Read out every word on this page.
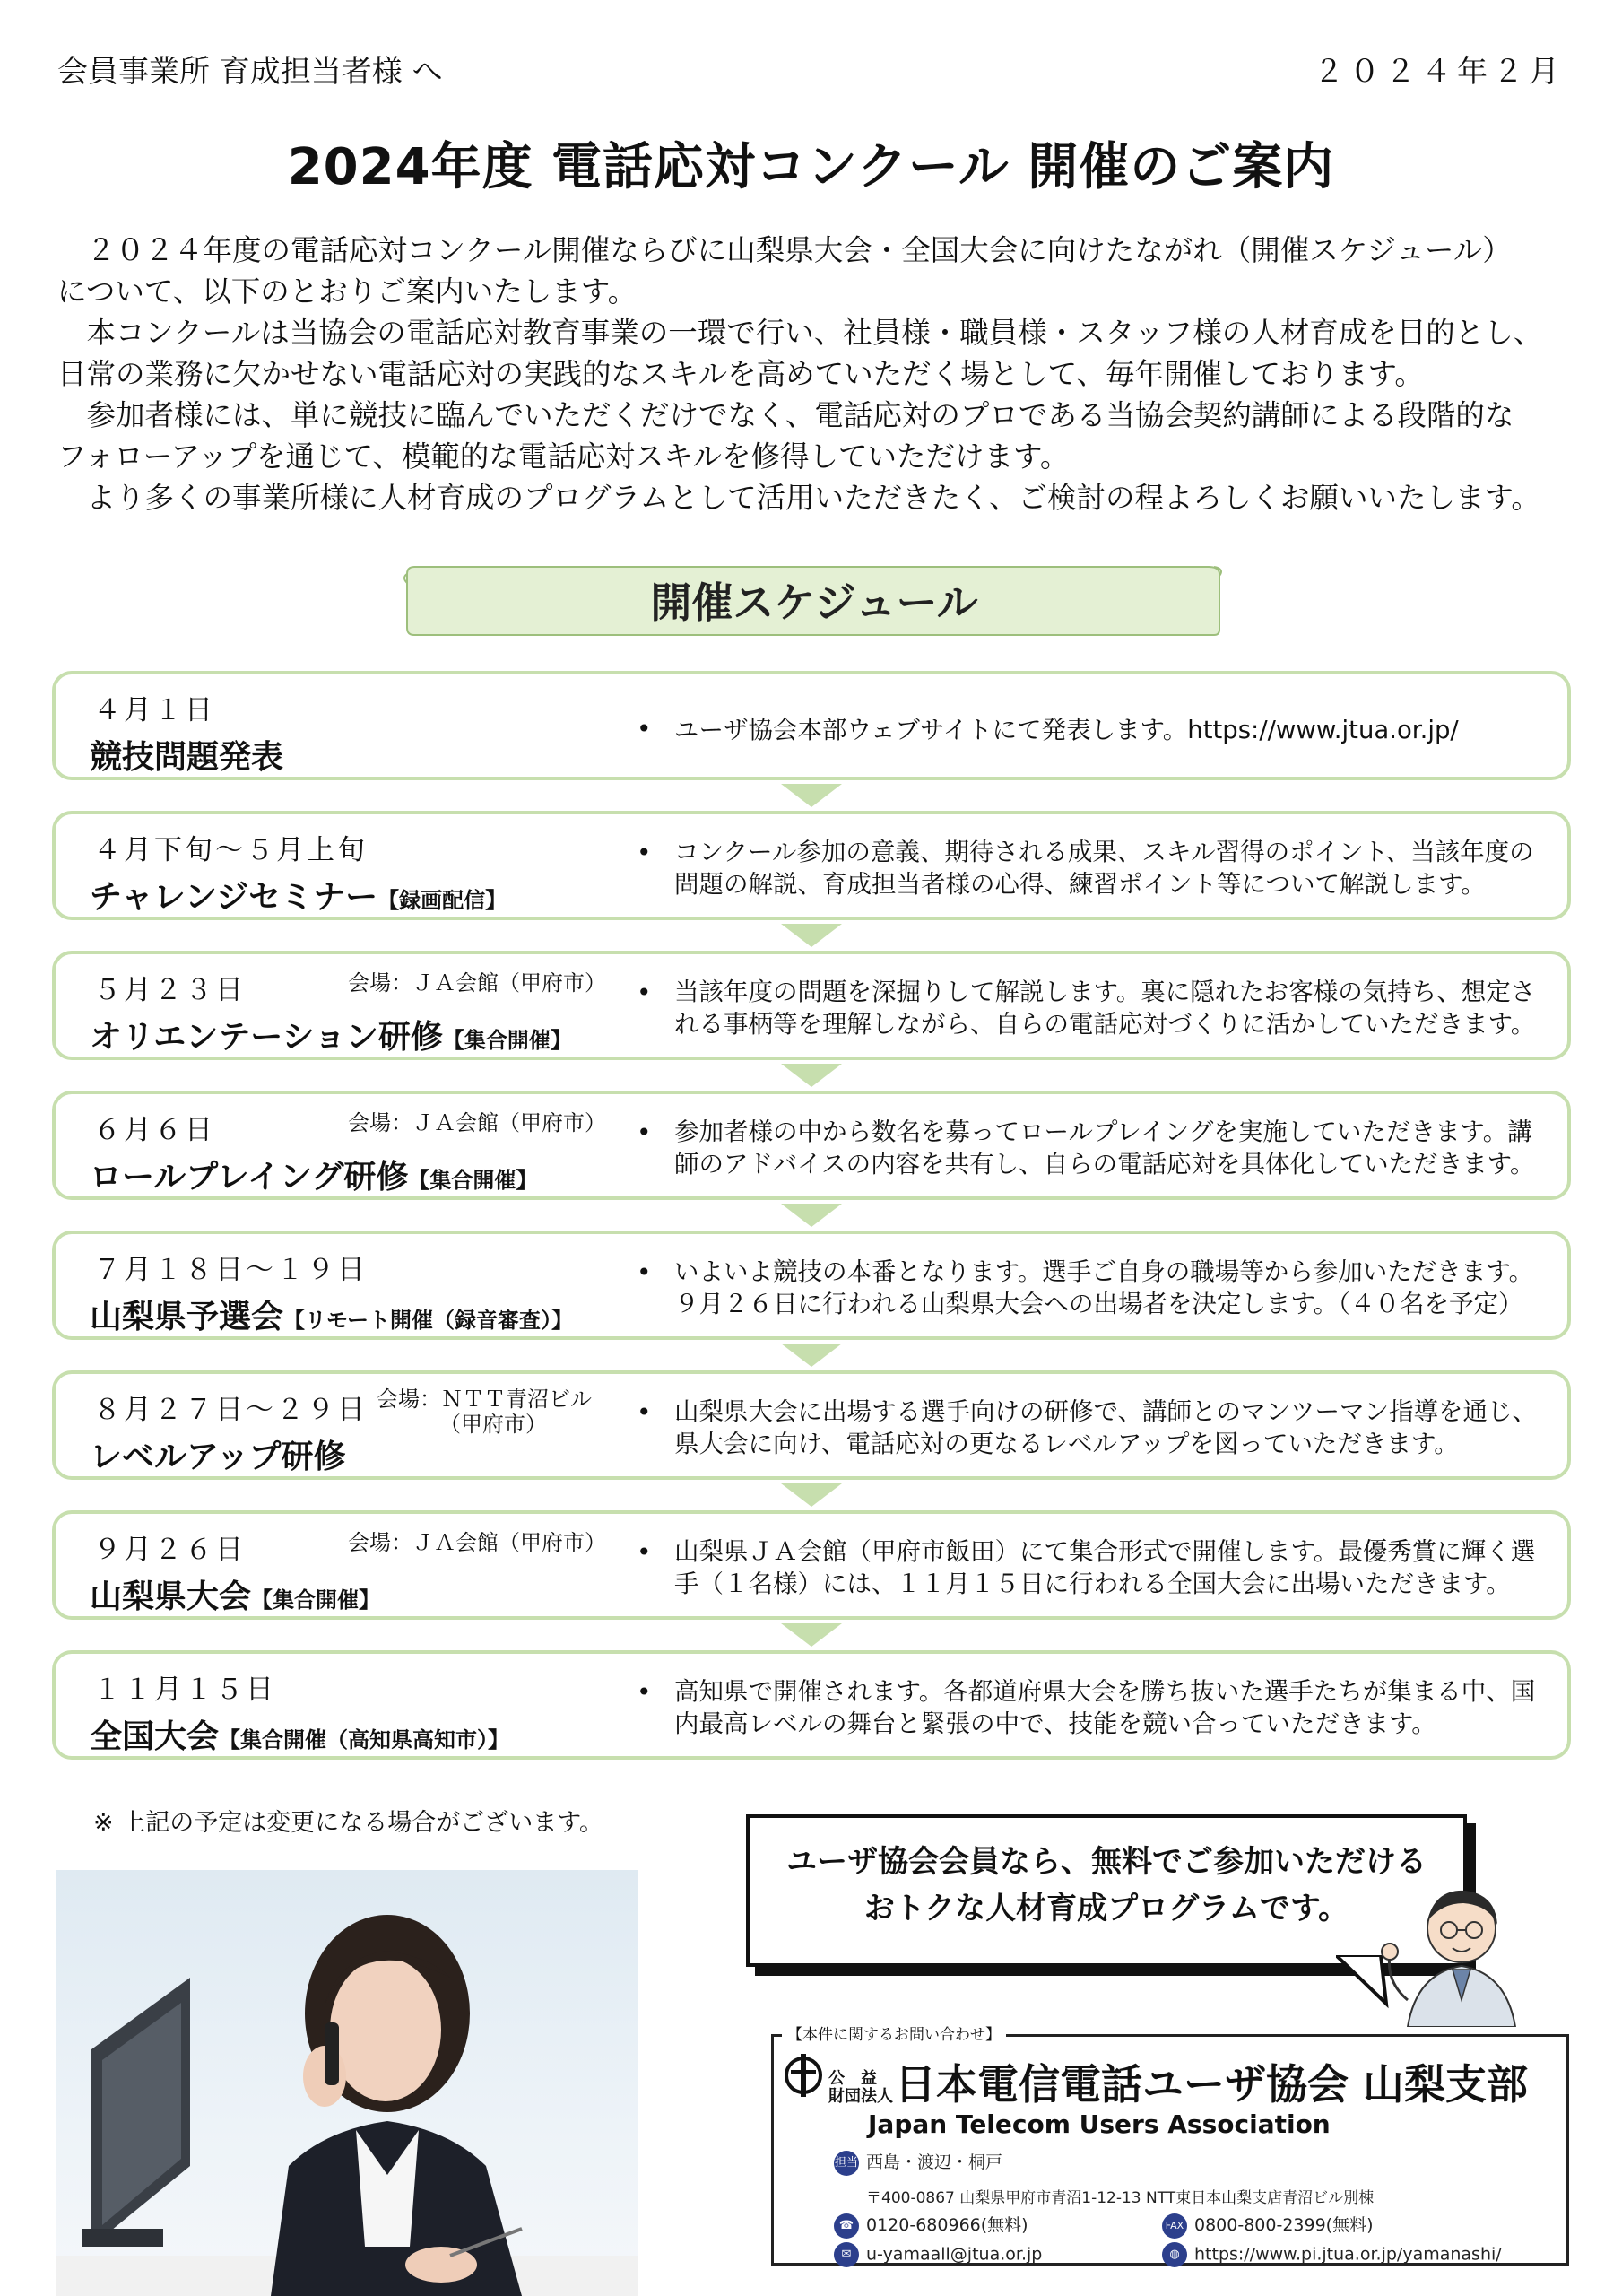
会員事業所 育成担当者様 へ	２０２４年２月
2024年度 電話応対コンクール 開催のご案内

　２０２４年度の電話応対コンクール開催ならびに山梨県大会・全国大会に向けたながれ（開催スケジュール）

について、以下のとおりご案内いたします。

　本コンクールは当協会の電話応対教育事業の一環で行い、社員様・職員様・スタッフ様の人材育成を目的とし、

日常の業務に欠かせない電話応対の実践的なスキルを高めていただく場として、毎年開催しております。

　参加者様には、単に競技に臨んでいただくだけでなく、電話応対のプロである当協会契約講師による段階的な

フォローアップを通じて、模範的な電話応対スキルを修得していただけます。

　より多くの事業所様に人材育成のプログラムとして活用いただきたく、ご検討の程よろしくお願いいたします。

開催スケジュール
４月１日
競技問題発表
• ユーザ協会本部ウェブサイトにて発表します。https://www.jtua.or.jp/
４月下旬～５月上旬
チャレンジセミナー【録画配信】
• コンクール参加の意義、期待される成果、スキル習得のポイント、当該年度の
問題の解説、育成担当者様の心得、練習ポイント等について解説します。
５月２３日	会場：ＪＡ会館（甲府市）
オリエンテーション研修【集合開催】
• 当該年度の問題を深掘りして解説します。裏に隠れたお客様の気持ち、想定さ
れる事柄等を理解しながら、自らの電話応対づくりに活かしていただきます。
６月６日	会場：ＪＡ会館（甲府市）
ロールプレイング研修【集合開催】
• 参加者様の中から数名を募ってロールプレイングを実施していただきます。講
師のアドバイスの内容を共有し、自らの電話応対を具体化していただきます。
７月１８日～１９日
山梨県予選会【リモート開催（録音審査）】
• いよいよ競技の本番となります。選手ご自身の職場等から参加いただきます。
９月２６日に行われる山梨県大会への出場者を決定します。（４０名を予定）
８月２７日～２９日 会場：ＮＴＴ青沼ビル
（甲府市）
レベルアップ研修
• 山梨県大会に出場する選手向けの研修で、講師とのマンツーマン指導を通じ、
県大会に向け、電話応対の更なるレベルアップを図っていただきます。
９月２６日	会場：ＪＡ会館（甲府市）
山梨県大会【集合開催】
• 山梨県ＪＡ会館（甲府市飯田）にて集合形式で開催します。最優秀賞に輝く選
手（１名様）には、１１月１５日に行われる全国大会に出場いただきます。
１１月１５日
全国大会【集合開催（高知県高知市）】
• 高知県で開催されます。各都道府県大会を勝ち抜いた選手たちが集まる中、国
内最高レベルの舞台と緊張の中で、技能を競い合っていただきます。
※ 上記の予定は変更になる場合がございます。
ユーザ協会会員なら、無料でご参加いただける
おトクな人材育成プログラムです。
【本件に関するお問い合わせ】
公　益
財団法人日本電信電話ユーザ協会 山梨支部
Japan Telecom Users Association
担当 西島・渡辺・桐戸
〒400-0867 山梨県甲府市青沼1-12-13 NTT東日本山梨支店青沼ビル別棟
☎ 0120-680966(無料)	FAX 0800-800-2399(無料)
✉ u-yamaall@jtua.or.jp	◍ https://www.pi.jtua.or.jp/yamanashi/
